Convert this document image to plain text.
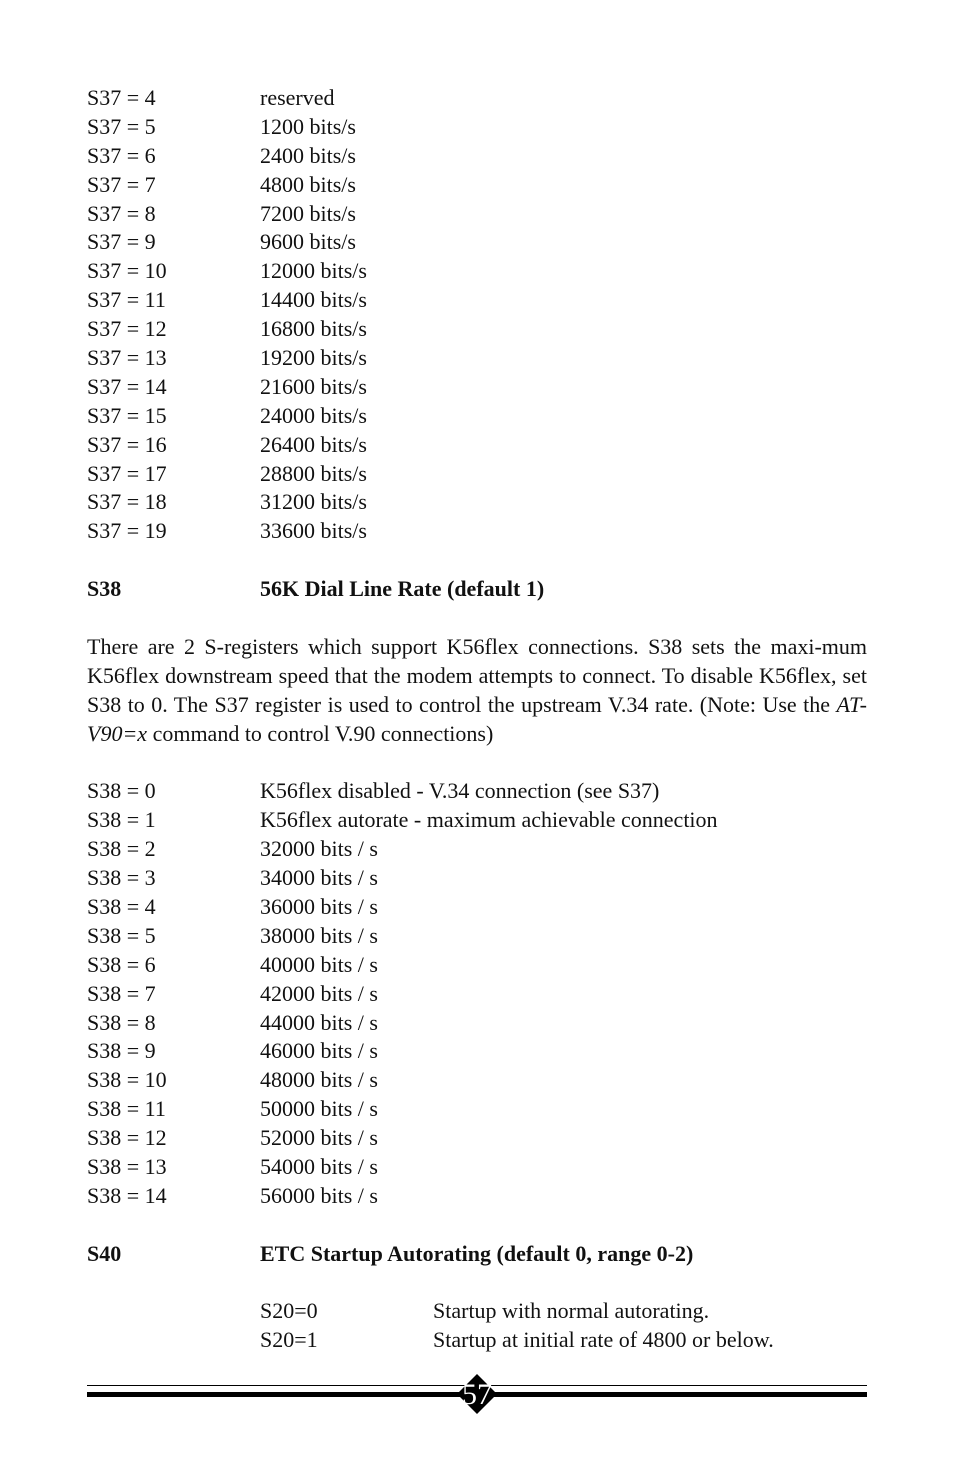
S37 = 4	reserved
S37 = 5	1200 bits/s
S37 = 6	2400 bits/s
S37 = 7	4800 bits/s
S37 = 8	7200 bits/s
S37 = 9	9600 bits/s
S37 = 10	12000 bits/s
S37 = 11	14400 bits/s
S37 = 12	16800 bits/s
S37 = 13	19200 bits/s
S37 = 14	21600 bits/s
S37 = 15	24000 bits/s
S37 = 16	26400 bits/s
S37 = 17	28800 bits/s
S37 = 18	31200 bits/s
S37 = 19	33600 bits/s
S38	56K Dial Line Rate (default 1)

There are 2 S-registers which support K56flex connections. S38 sets the maxi-mum K56flex downstream speed that the modem attempts to connect. To disable K56flex, set S38 to 0. The S37 register is used to control the upstream V.34 rate. (Note: Use the AT-V90=x command to control V.90 connections)

S38 = 0	K56flex disabled - V.34 connection (see S37)
S38 = 1	K56flex autorate - maximum achievable connection
S38 = 2	32000 bits / s
S38 = 3	34000 bits / s
S38 = 4	36000 bits / s
S38 = 5	38000 bits / s
S38 = 6	40000 bits / s
S38 = 7	42000 bits / s
S38 = 8	44000 bits / s
S38 = 9	46000 bits / s
S38 = 10	48000 bits / s
S38 = 11	50000 bits / s
S38 = 12	52000 bits / s
S38 = 13	54000 bits / s
S38 = 14	56000 bits / s
S40	ETC Startup Autorating (default 0, range 0-2)
S20=0	Startup with normal autorating.
S20=1	Startup at initial rate of 4800 or below.
57
